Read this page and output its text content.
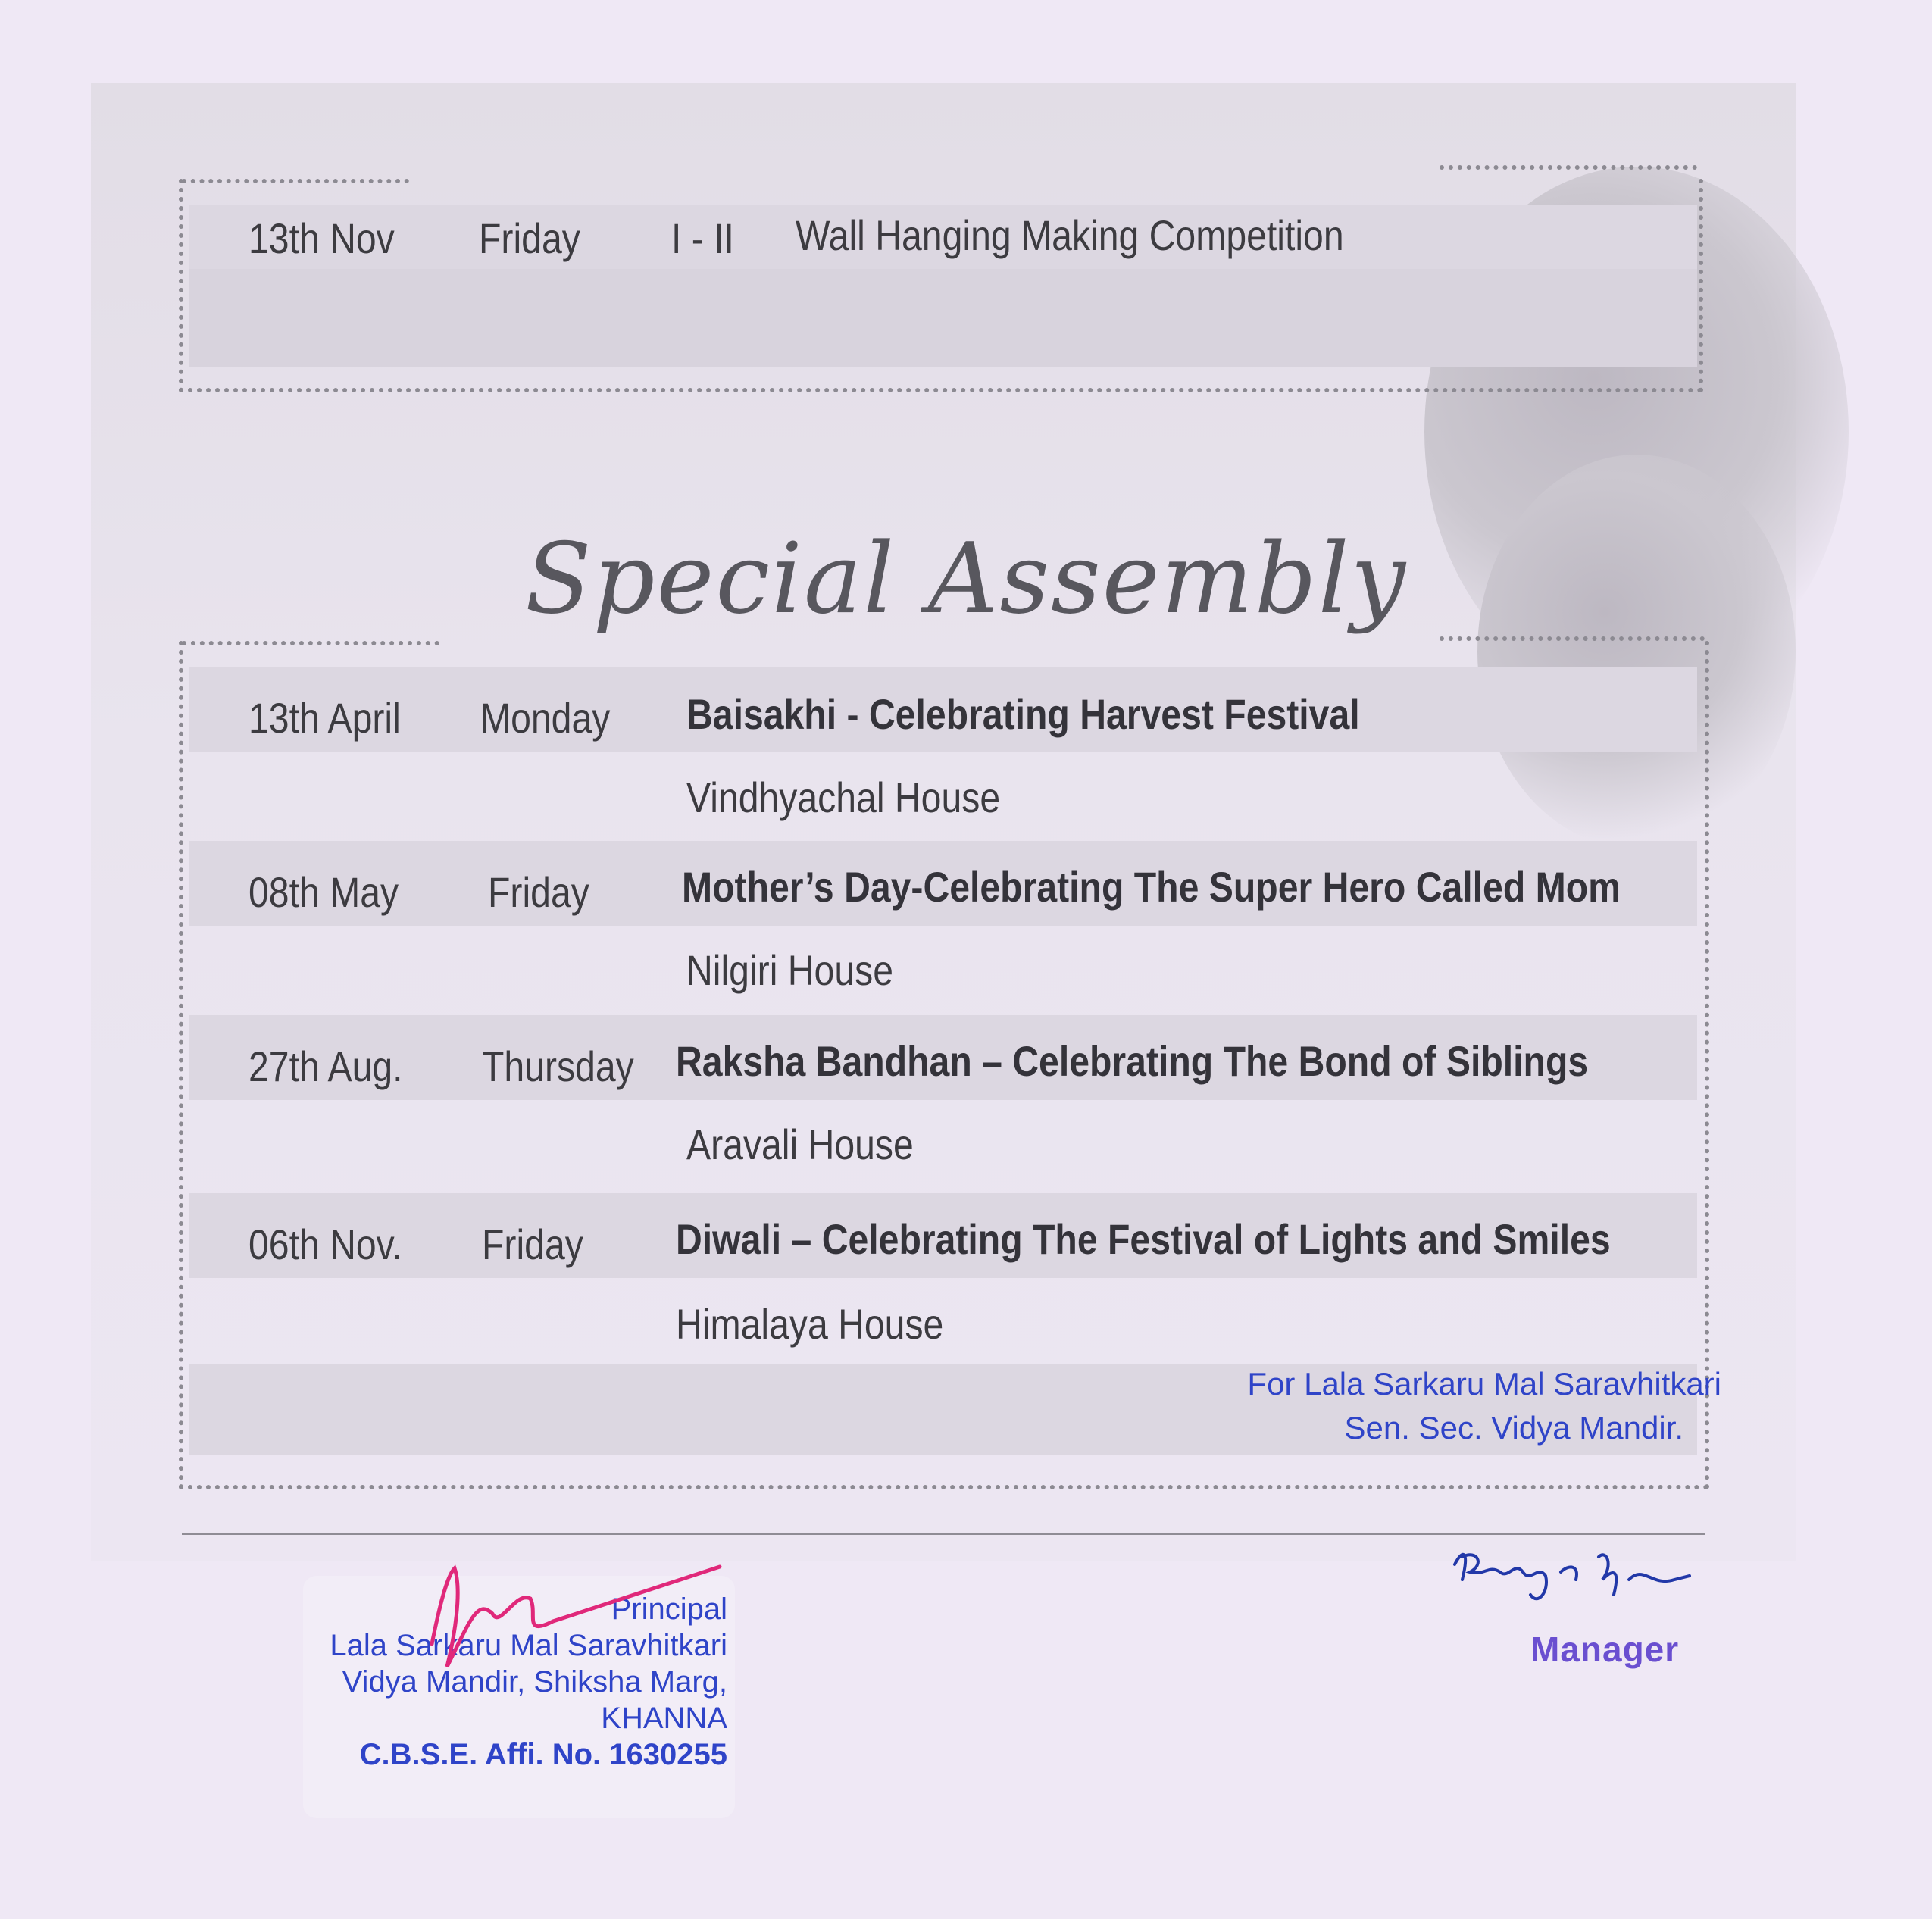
13th Nov Friday I - II Wall Hanging Making Competition
Special Assembly
13th April Monday Baisakhi - Celebrating Harvest Festival
Vindhyachal House
08th May Friday Mother’s Day-Celebrating The Super Hero Called Mom
Nilgiri House
27th Aug. Thursday Raksha Bandhan – Celebrating The Bond of Siblings
Aravali House
06th Nov. Friday Diwali – Celebrating The Festival of Lights and Smiles
Himalaya House
For Lala Sarkaru Mal Saravhitkari
Sen. Sec. Vidya Mandir.
Principal
Lala Sarkaru Mal Saravhitkari
Vidya Mandir, Shiksha Marg,
KHANNA
C.B.S.E. Affi. No. 1630255
Manager
